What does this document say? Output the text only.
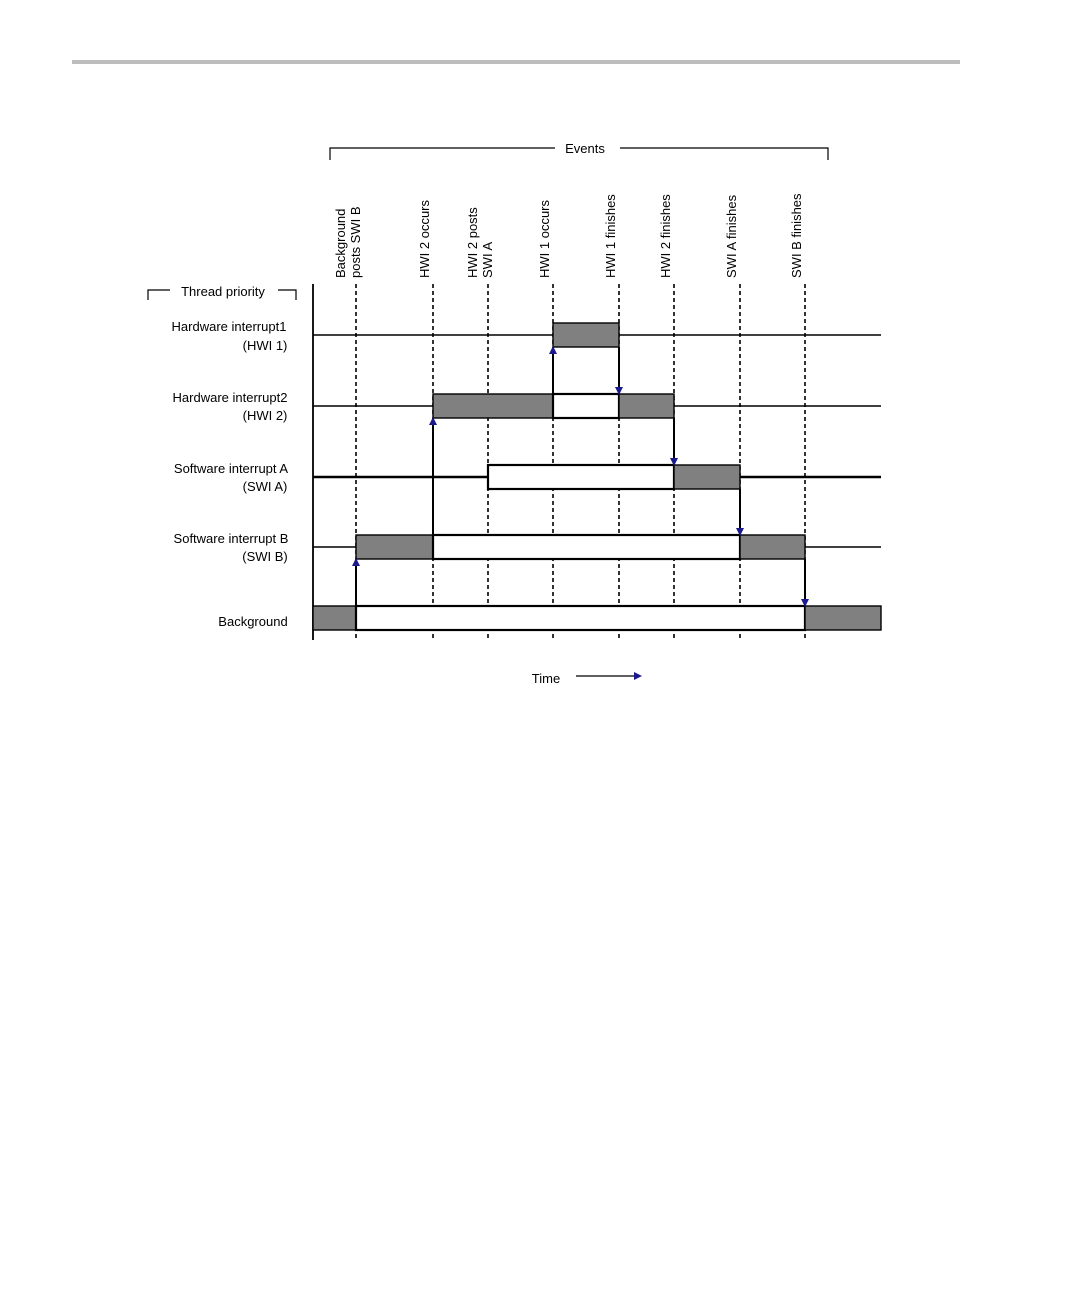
Events
Thread priority
Hardware interrupt1
(HWI 1)
Hardware interrupt2
(HWI 2)
Software interrupt A
(SWI A)
Software interrupt B
(SWI B)
Background
Time
Backgroundposts SWI B	HWI 2 occurs	HWI 2 postsSWI A	HWI 1 occurs	HWI 1 finishes	HWI 2 finishes	SWI A finishes	SWI B finishes
